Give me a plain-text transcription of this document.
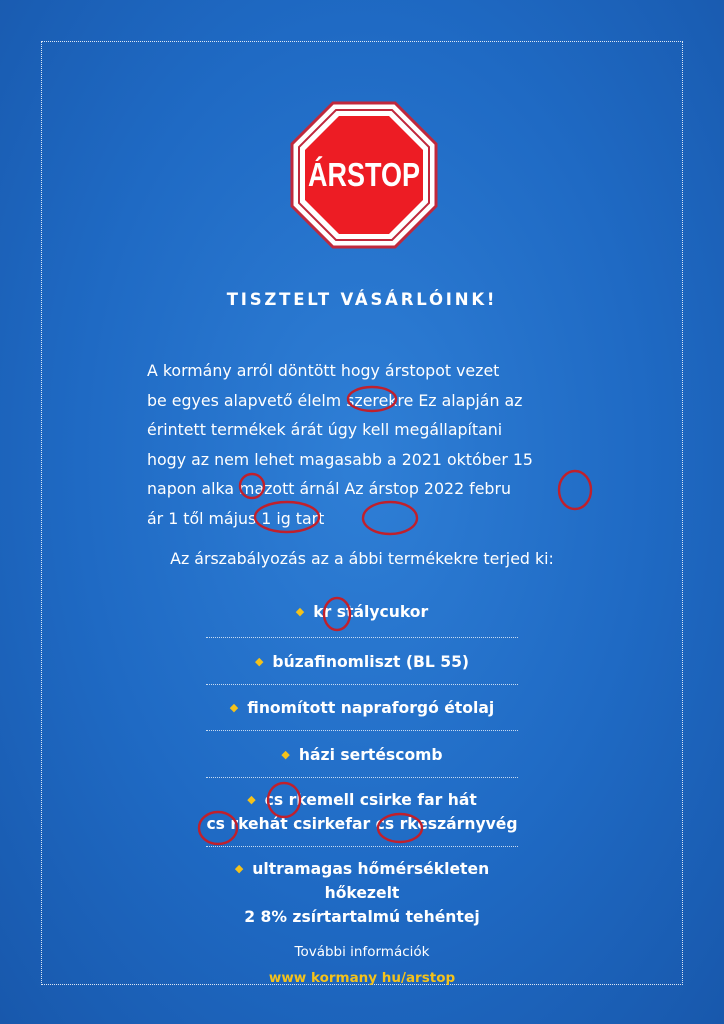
ÁRSTOP
TISZTELT VÁSÁRLÓINK!
A kormány arról döntött hogy árstopot vezet
be egyes alapvető élelm szerekre Ez alapján az
érintett termékek árát úgy kell megállapítani
hogy az nem lehet magasabb a 2021 október 15
napon alka mazott árnál Az árstop 2022 febru
ár 1 től május 1 ig tart
Az árszabályozás az a ábbi termékekre terjed ki:
◆ kr stálycukor
◆ búzafinomliszt (BL 55)
◆ finomított napraforgó étolaj
◆ házi sertéscomb
◆ cs rkemell csirke far hát
cs rkehát csirkefar cs rkeszárnyvég
◆ ultramagas hőmérsékleten hőkezelt
2 8% zsírtartalmú tehéntej
További információk
www kormany hu/arstop
